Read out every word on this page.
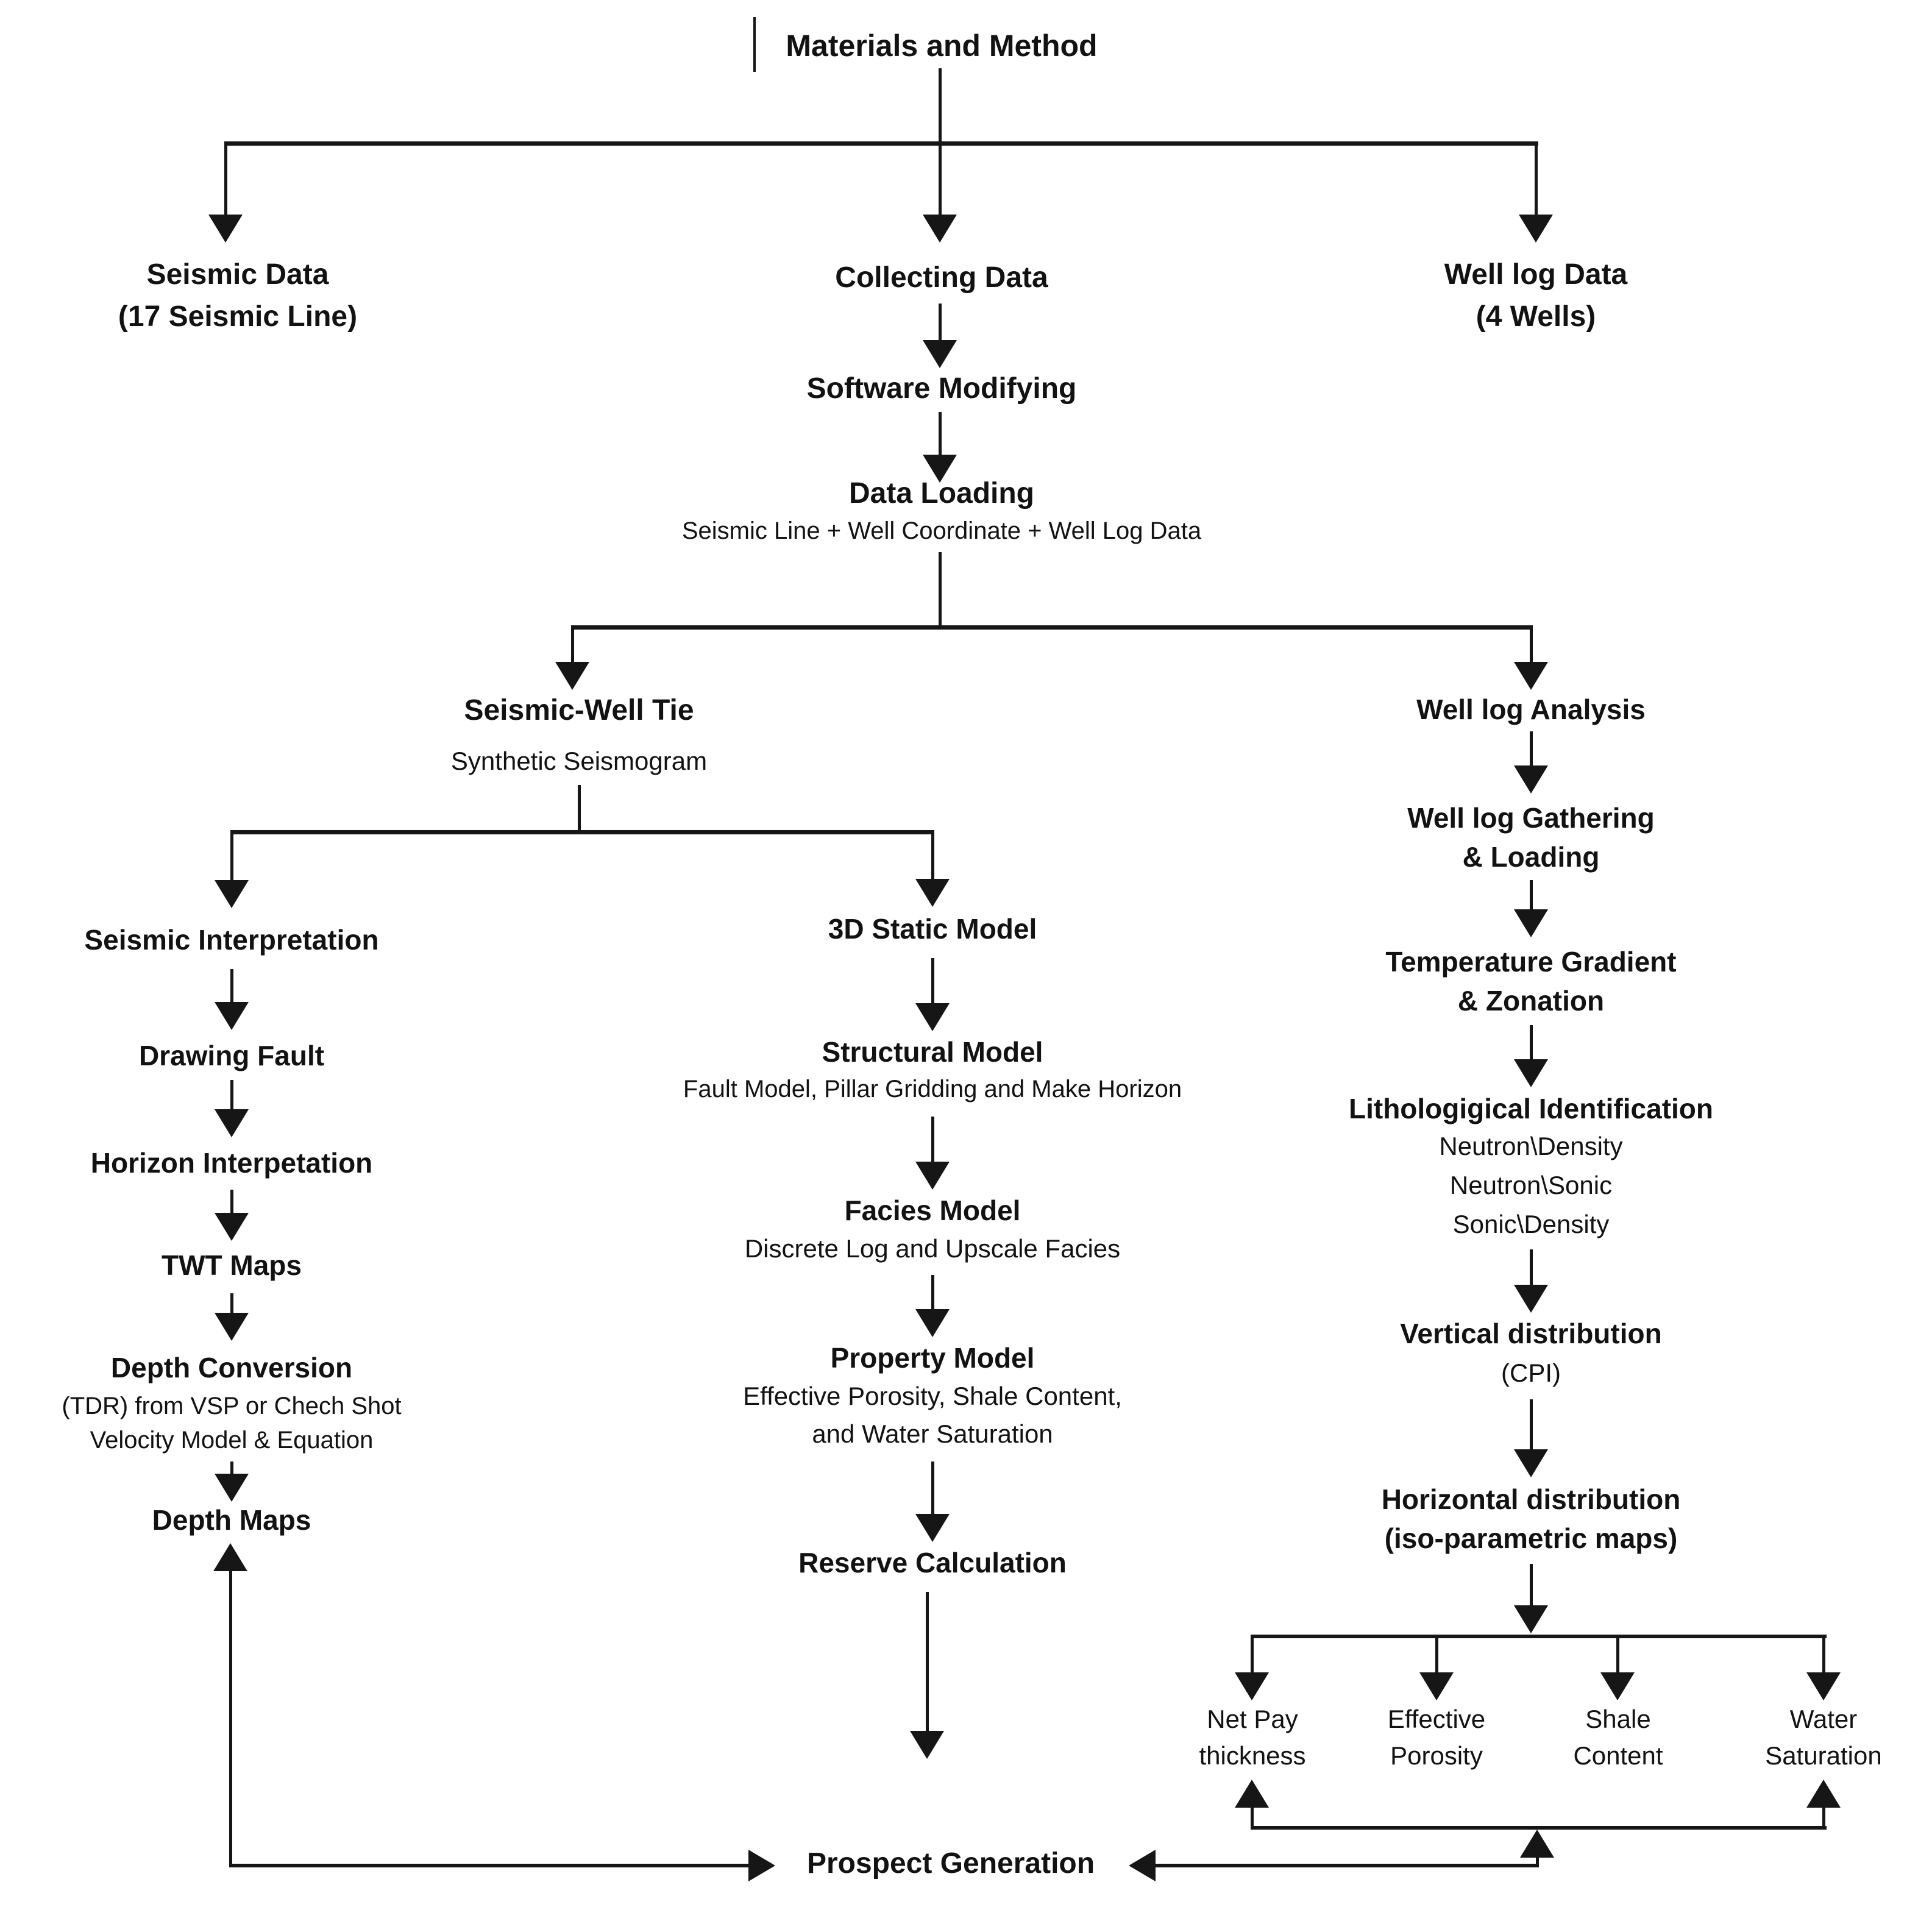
Materials and Method
Seismic Data
(17 Seismic Line)
Collecting Data	Well log Data
(4 Wells)
Software Modifying
Data Loading
Seismic Line + Well Coordinate + Well Log Data
Seismic-Well Tie
Synthetic Seismogram
Well log Analysis
Well log Gathering
& Loading
Temperature Gradient
& Zonation
Lithologigical Identification
Neutron\Density
Neutron\Sonic
Sonic\Density
Vertical distribution
(CPI)
Horizontal distribution
(iso-parametric maps)
Net Pay
thickness
Effective
Porosity
Shale
Content
Water
Saturation
Seismic Interpretation
Drawing Fault
Horizon Interpetation
TWT Maps
Depth Conversion
(TDR) from VSP or Chech Shot
Velocity Model & Equation
Depth Maps
3D Static Model
Structural Model
Fault Model, Pillar Gridding and Make Horizon
Facies Model
Discrete Log and Upscale Facies
Property Model
Effective Porosity, Shale Content,
and Water Saturation
Reserve Calculation
Prospect Generation
